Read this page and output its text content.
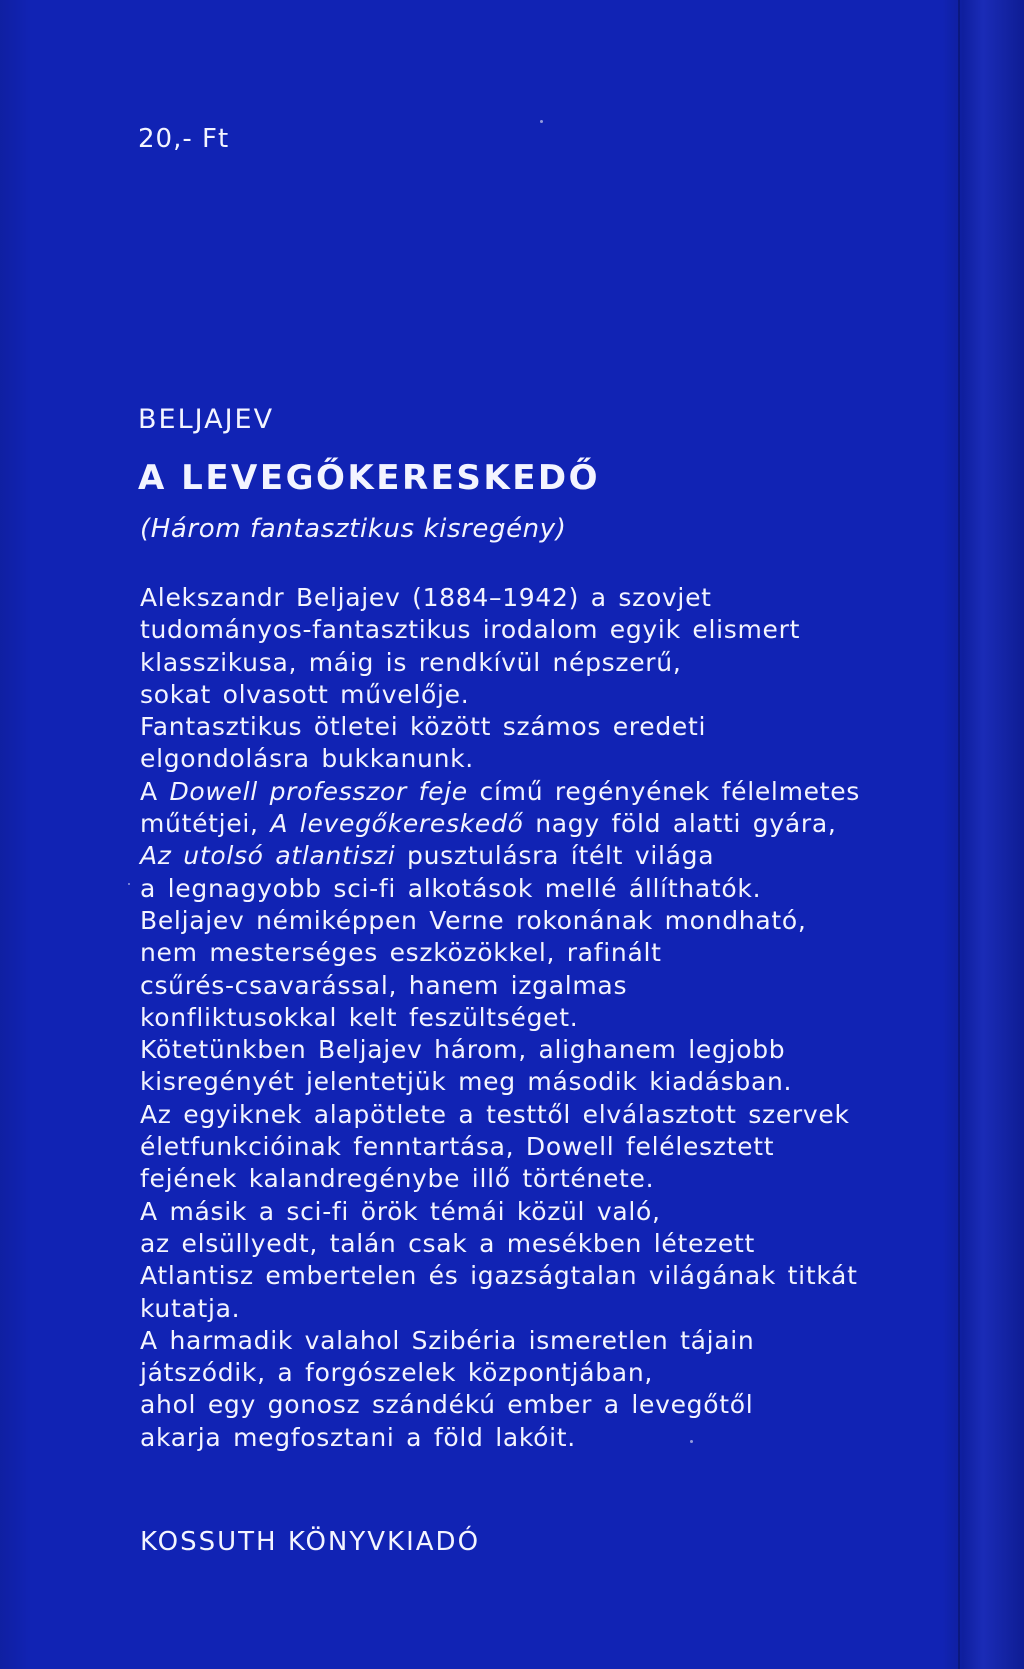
20,- Ft
BELJAJEV
A LEVEGŐKERESKEDŐ
(Három fantasztikus kisregény)
Alekszandr Beljajev (1884–1942) a szovjet
tudományos-fantasztikus irodalom egyik elismert
klasszikusa, máig is rendkívül népszerű,
sokat olvasott művelője.
Fantasztikus ötletei között számos eredeti
elgondolásra bukkanunk.
A Dowell professzor feje című regényének félelmetes
műtétjei, A levegőkereskedő nagy föld alatti gyára,
Az utolsó atlantiszi pusztulásra ítélt világa
a legnagyobb sci-fi alkotások mellé állíthatók.
Beljajev némiképpen Verne rokonának mondható,
nem mesterséges eszközökkel, rafinált
csűrés-csavarással, hanem izgalmas
konfliktusokkal kelt feszültséget.
Kötetünkben Beljajev három, alighanem legjobb
kisregényét jelentetjük meg második kiadásban.
Az egyiknek alapötlete a testtől elválasztott szervek
életfunkcióinak fenntartása, Dowell felélesztett
fejének kalandregénybe illő története.
A másik a sci-fi örök témái közül való,
az elsüllyedt, talán csak a mesékben létezett
Atlantisz embertelen és igazságtalan világának titkát
kutatja.
A harmadik valahol Szibéria ismeretlen tájain
játszódik, a forgószelek központjában,
ahol egy gonosz szándékú ember a levegőtől
akarja megfosztani a föld lakóit.
KOSSUTH KÖNYVKIADÓ
